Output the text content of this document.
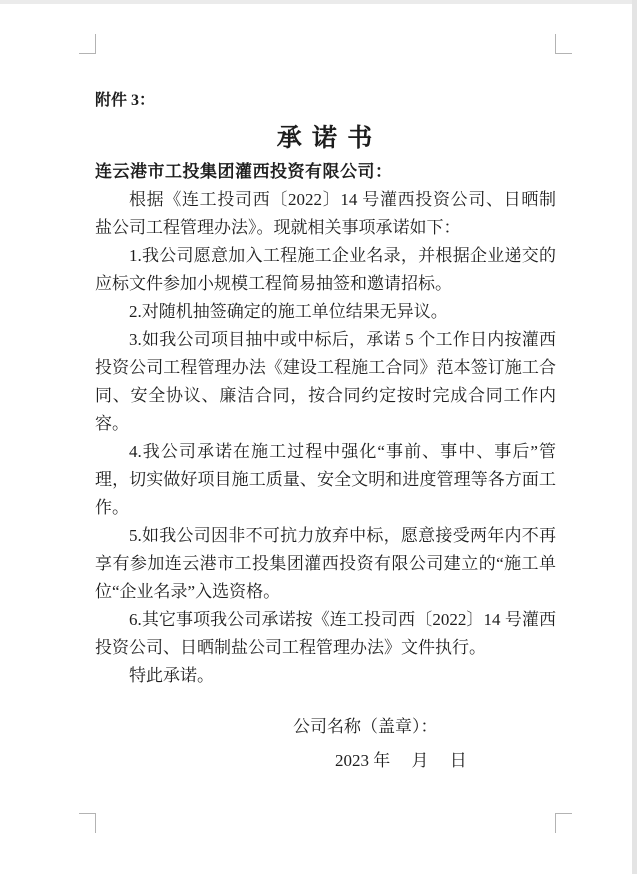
附件 3：

承 诺 书

连云港市工投集团灌西投资有限公司：

根据《连工投司西〔2022〕14 号灌西投资公司、日晒制盐公司工程管理办法》。现就相关事项承诺如下：

1.我公司愿意加入工程施工企业名录，并根据企业递交的应标文件参加小规模工程简易抽签和邀请招标。

2.对随机抽签确定的施工单位结果无异议。

3.如我公司项目抽中或中标后，承诺 5 个工作日内按灌西投资公司工程管理办法《建设工程施工合同》范本签订施工合同、安全协议、廉洁合同，按合同约定按时完成合同工作内容。

4.我公司承诺在施工过程中强化“事前、事中、事后”管理，切实做好项目施工质量、安全文明和进度管理等各方面工作。

5.如我公司因非不可抗力放弃中标，愿意接受两年内不再享有参加连云港市工投集团灌西投资有限公司建立的“施工单位“企业名录”入选资格。

6.其它事项我公司承诺按《连工投司西〔2022〕14 号灌西投资公司、日晒制盐公司工程管理办法》文件执行。

特此承诺。

公司名称（盖章）：

2023 年　 月　 日
